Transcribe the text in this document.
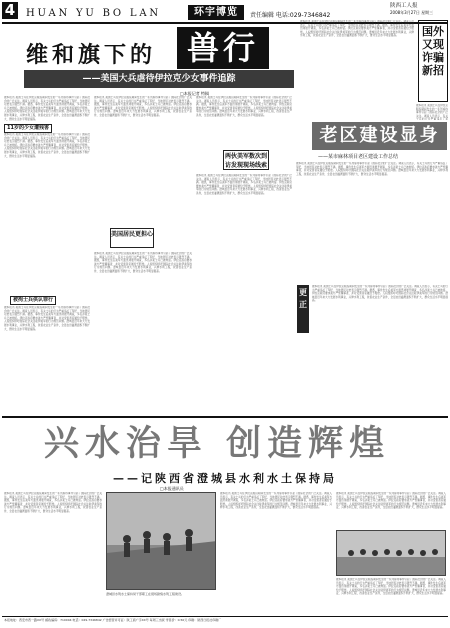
4 HUAN YU BO LAN	环宇博览	责任编辑 电话:029-7346842
陕西工人报
2008年3月27日 星期三
维和旗下的 兽行
——美国大兵虐待伊拉克少女事件追踪
□本报记者 特稿
据本报讯 美国士兵在伊拉克服役期间发生的一系列虐待事件引起了国际社会的广泛关注。调查人员表示，有关士兵的行为严重违反了军纪，当地居民对此表示强烈不满。据悉，事件发生后美军方面迅速展开调查，多名涉案士兵已被拘留。伊拉克政府要求美方严惩肇事者，并对受害者家属给予赔偿。人权组织呼吁国际社会关注驻伊美军的行为规范问题。澄城县近年来大力发展水利事业，兴修水利工程，改善农业生产条件，全县农田灌溉面积不断扩大，群众生活水平明显提高。
11岁的少女遭残害
据本报讯 美国士兵在伊拉克服役期间发生的一系列虐待事件引起了国际社会的广泛关注。调查人员表示，有关士兵的行为严重违反了军纪，当地居民对此表示强烈不满。据悉，事件发生后美军方面迅速展开调查，多名涉案士兵已被拘留。伊拉克政府要求美方严惩肇事者，并对受害者家属给予赔偿。人权组织呼吁国际社会关注驻伊美军的行为规范问题。澄城县近年来大力发展水利事业，兴修水利工程，改善农业生产条件，全县农田灌溉面积不断扩大，群众生活水平明显提高。
被拘士兵供认罪行
据本报讯 美国士兵在伊拉克服役期间发生的一系列虐待事件引起了国际社会的广泛关注。调查人员表示，有关士兵的行为严重违反了军纪，当地居民对此表示强烈不满。据悉，事件发生后美军方面迅速展开调查，多名涉案士兵已被拘留。伊拉克政府要求美方严惩肇事者，并对受害者家属给予赔偿。人权组织呼吁国际社会关注驻伊美军的行为规范问题。澄城县近年来大力发展水利事业，兴修水利工程，改善农业生产条件，全县农田灌溉面积不断扩大，群众生活水平明显提高。
据本报讯 美国士兵在伊拉克服役期间发生的一系列虐待事件引起了国际社会的广泛关注。调查人员表示，有关士兵的行为严重违反了军纪，当地居民对此表示强烈不满。据悉，事件发生后美军方面迅速展开调查，多名涉案士兵已被拘留。伊拉克政府要求美方严惩肇事者，并对受害者家属给予赔偿。人权组织呼吁国际社会关注驻伊美军的行为规范问题。澄城县近年来大力发展水利事业，兴修水利工程，改善农业生产条件，全县农田灌溉面积不断扩大，群众生活水平明显提高。
美国居民更担心
据本报讯 美国士兵在伊拉克服役期间发生的一系列虐待事件引起了国际社会的广泛关注。调查人员表示，有关士兵的行为严重违反了军纪，当地居民对此表示强烈不满。据悉，事件发生后美军方面迅速展开调查，多名涉案士兵已被拘留。伊拉克政府要求美方严惩肇事者，并对受害者家属给予赔偿。人权组织呼吁国际社会关注驻伊美军的行为规范问题。澄城县近年来大力发展水利事业，兴修水利工程，改善农业生产条件，全县农田灌溉面积不断扩大，群众生活水平明显提高。
据本报讯 美国士兵在伊拉克服役期间发生的一系列虐待事件引起了国际社会的广泛关注。调查人员表示，有关士兵的行为严重违反了军纪，当地居民对此表示强烈不满。据悉，事件发生后美军方面迅速展开调查，多名涉案士兵已被拘留。伊拉克政府要求美方严惩肇事者，并对受害者家属给予赔偿。人权组织呼吁国际社会关注驻伊美军的行为规范问题。澄城县近年来大力发展水利事业，兴修水利工程，改善农业生产条件，全县农田灌溉面积不断扩大，群众生活水平明显提高。
两伙美军数次到访发现现场线索
据本报讯 美国士兵在伊拉克服役期间发生的一系列虐待事件引起了国际社会的广泛关注。调查人员表示，有关士兵的行为严重违反了军纪，当地居民对此表示强烈不满。据悉，事件发生后美军方面迅速展开调查，多名涉案士兵已被拘留。伊拉克政府要求美方严惩肇事者，并对受害者家属给予赔偿。人权组织呼吁国际社会关注驻伊美军的行为规范问题。澄城县近年来大力发展水利事业，兴修水利工程，改善农业生产条件，全县农田灌溉面积不断扩大，群众生活水平明显提高。
更正
据本报讯 美国士兵在伊拉克服役期间发生的一系列虐待事件引起了国际社会的广泛关注。调查人员表示，有关士兵的行为严重违反了军纪，当地居民对此表示强烈不满。据悉，事件发生后美军方面迅速展开调查，多名涉案士兵已被拘留。伊拉克政府要求美方严惩肇事者，并对受害者家属给予赔偿。人权组织呼吁国际社会关注驻伊美军的行为规范问题。澄城县近年来大力发展水利事业，兴修水利工程，改善农业生产条件，全县农田灌溉面积不断扩大，群众生活水平明显提高。	国外又现诈骗新招
据本报讯 美国士兵在伊拉克服役期间发生的一系列虐待事件引起了国际社会的广泛关注。调查人员表示，有关士兵的行为严重违反了军
老区建设显身手
——某市麻林项目老区建设工作总结
据本报讯 美国士兵在伊拉克服役期间发生的一系列虐待事件引起了国际社会的广泛关注。调查人员表示，有关士兵的行为严重违反了军纪，当地居民对此表示强烈不满。据悉，事件发生后美军方面迅速展开调查，多名涉案士兵已被拘留。伊拉克政府要求美方严惩肇事者，并对受害者家属给予赔偿。人权组织呼吁国际社会关注驻伊美军的行为规范问题。澄城县近年来大力发展水利事业，兴修水利工程，改善农业生产条件，全县农田灌溉面积不断扩大，群众生活水平明显提高。
据本报讯 美国士兵在伊拉克服役期间发生的一系列虐待事件引起了国际社会的广泛关注。调查人员表示，有关士兵的行为严重违反了军纪，当地居民对此表示强烈不满。据悉，事件发生后美军方面迅速展开调查，多名涉案士兵已被拘留。伊拉克政府要求美方严惩肇事者，并对受害者家属给予赔偿。人权组织呼吁国际社会关注驻伊美军的行为规范问题。澄城县近年来大力发展水利事业，兴修水利工程，改善农业生产条件，全县农田灌溉面积不断扩大，群众生活水平明显提高。
兴水治旱 创造辉煌
——记陕西省澄城县水利水土保持局
□本报通讯员
据本报讯 美国士兵在伊拉克服役期间发生的一系列虐待事件引起了国际社会的广泛关注。调查人员表示，有关士兵的行为严重违反了军纪，当地居民对此表示强烈不满。据悉，事件发生后美军方面迅速展开调查，多名涉案士兵已被拘留。伊拉克政府要求美方严惩肇事者，并对受害者家属给予赔偿。人权组织呼吁国际社会关注驻伊美军的行为规范问题。澄城县近年来大力发展水利事业，兴修水利工程，改善农业生产条件，全县农田灌溉面积不断扩大，群众生活水平明显提高。
澄城县水利水土保持局干部职工在现场勘察水利工程建设。
据本报讯 美国士兵在伊拉克服役期间发生的一系列虐待事件引起了国际社会的广泛关注。调查人员表示，有关士兵的行为严重违反了军纪，当地居民对此表示强烈不满。据悉，事件发生后美军方面迅速展开调查，多名涉案士兵已被拘留。伊拉克政府要求美方严惩肇事者，并对受害者家属给予赔偿。人权组织呼吁国际社会关注驻伊美军的行为规范问题。澄城县近年来大力发展水利事业，兴修水利工程，改善农业生产条件，全县农田灌溉面积不断扩大，群众生活水平明显提高。
据本报讯 美国士兵在伊拉克服役期间发生的一系列虐待事件引起了国际社会的广泛关注。调查人员表示，有关士兵的行为严重违反了军纪，当地居民对此表示强烈不满。据悉，事件发生后美军方面迅速展开调查，多名涉案士兵已被拘留。伊拉克政府要求美方严惩肇事者，并对受害者家属给予赔偿。人权组织呼吁国际社会关注驻伊美军的行为规范问题。澄城县近年来大力发展水利事业，兴修水利工程，改善农业生产条件，全县农田灌溉面积不断扩大，群众生活水平明显提高。
据本报讯 美国士兵在伊拉克服役期间发生的一系列虐待事件引起了国际社会的广泛关注。调查人员表示，有关士兵的行为严重违反了军纪，当地居民对此表示强烈不满。据悉，事件发生后美军方面迅速展开调查，多名涉案士兵已被拘留。伊拉克政府要求美方严惩肇事者，并对受害者家属给予赔偿。人权组织呼吁国际社会关注驻伊美军的行为规范问题。澄城县近年来大力发展水利事业，兴修水利工程，改善农业生产条件，全县农田灌溉面积不断扩大，群众生活水平明显提高。
本报地址：西安市西一路XX号 邮政编码：710004 电话：029-7346842 广告经营许可证：陕工商广字XX号 每周三出版 零售价：0.50元 印刷：陕西日报社印刷厂
